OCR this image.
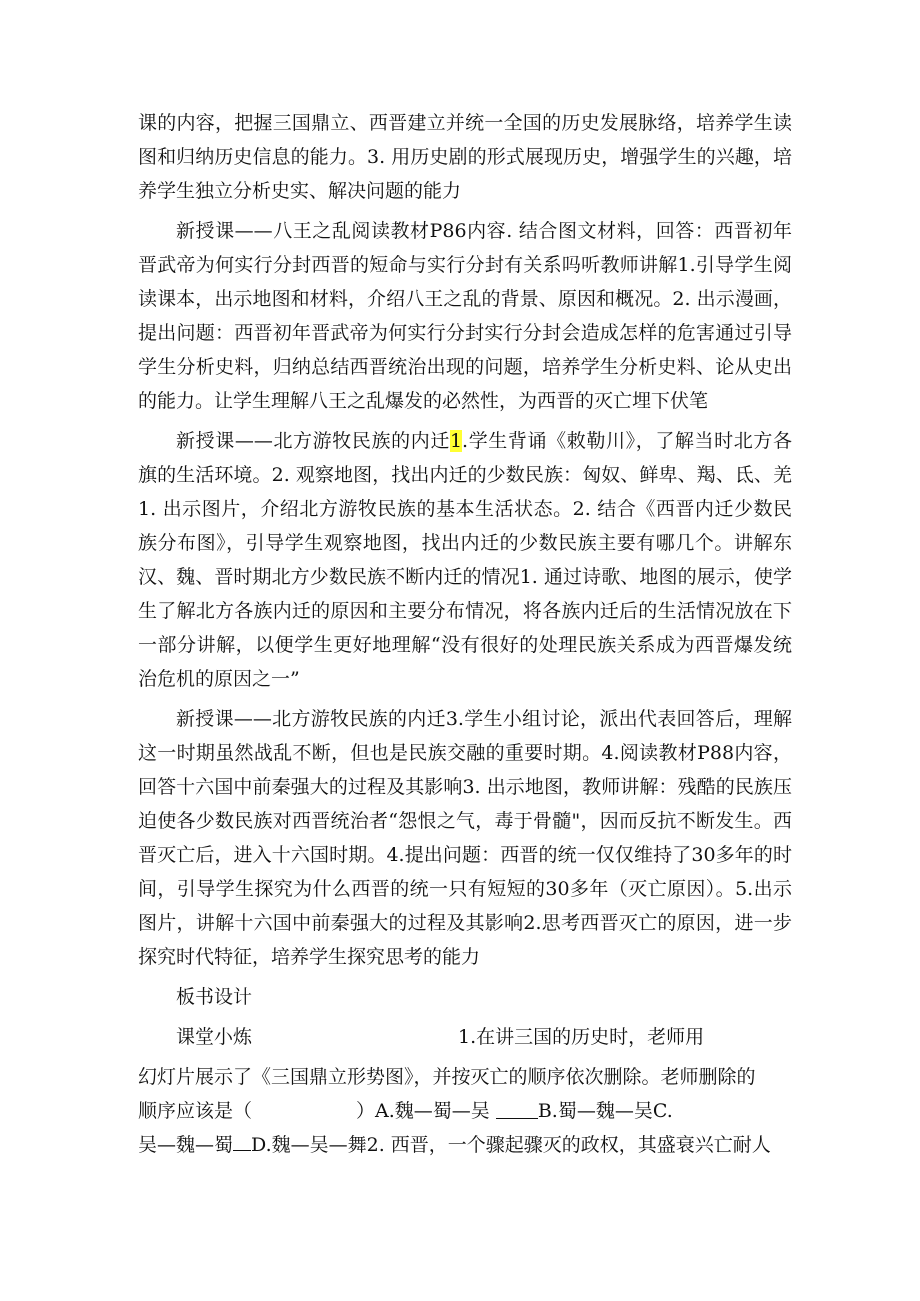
课的内容，把握三国鼎立、西晋建立并统一全国的历史发展脉络，培养学生读图和归纳历史信息的能力。3. 用历史剧的形式展现历史，增强学生的兴趣，培养学生独立分析史实、解决问题的能力

新授课——八王之乱阅读教材P86内容. 结合图文材料，回答：西晋初年晋武帝为何实行分封西晋的短命与实行分封有关系吗听教师讲解1.引导学生阅读课本，出示地图和材料，介绍八王之乱的背景、原因和概况。2. 出示漫画，提出问题：西晋初年晋武帝为何实行分封实行分封会造成怎样的危害通过引导学生分析史料，归纳总结西晋统治出现的问题，培养学生分析史料、论从史出的能力。让学生理解八王之乱爆发的必然性，为西晋的灭亡埋下伏笔

新授课——北方游牧民族的内迁1.学生背诵《敕勒川》，了解当时北方各旗的生活环境。2. 观察地图，找出内迁的少数民族：匈奴、鲜卑、羯、氐、羌1. 出示图片，介绍北方游牧民族的基本生活状态。2. 结合《西晋内迁少数民族分布图》，引导学生观察地图，找出内迁的少数民族主要有哪几个。讲解东汉、魏、晋时期北方少数民族不断内迁的情况1. 通过诗歌、地图的展示，使学生了解北方各族内迁的原因和主要分布情况，将各族内迁后的生活情况放在下一部分讲解，以便学生更好地理解“没有很好的处理民族关系成为西晋爆发统治危机的原因之一”

新授课——北方游牧民族的内迁3.学生小组讨论，派出代表回答后，理解这一时期虽然战乱不断，但也是民族交融的重要时期。4.阅读教材P88内容，回答十六国中前秦强大的过程及其影响3. 出示地图，教师讲解：残酷的民族压迫使各少数民族对西晋统治者“怨恨之气，毒于骨髓"，因而反抗不断发生。西晋灭亡后，进入十六国时期。4.提出问题：西晋的统一仅仅维持了30多年的时间，引导学生探究为什么西晋的统一只有短短的30多年（灭亡原因）。5.出示图片，讲解十六国中前秦强大的过程及其影响2.思考西晋灭亡的原因，进一步探究时代特征，培养学生探究思考的能力

板书设计

课堂小炼	1.在讲三国的历史时，老师用

幻灯片展示了《三国鼎立形势图》，并按灭亡的顺序依次删除。老师删除的

顺序应该是（	）A.魏—蜀—吴	B.蜀—魏—吴C.

吴—魏—蜀 D.魏—吴—舞2. 西晋，一个骤起骤灭的政权，其盛衰兴亡耐人
